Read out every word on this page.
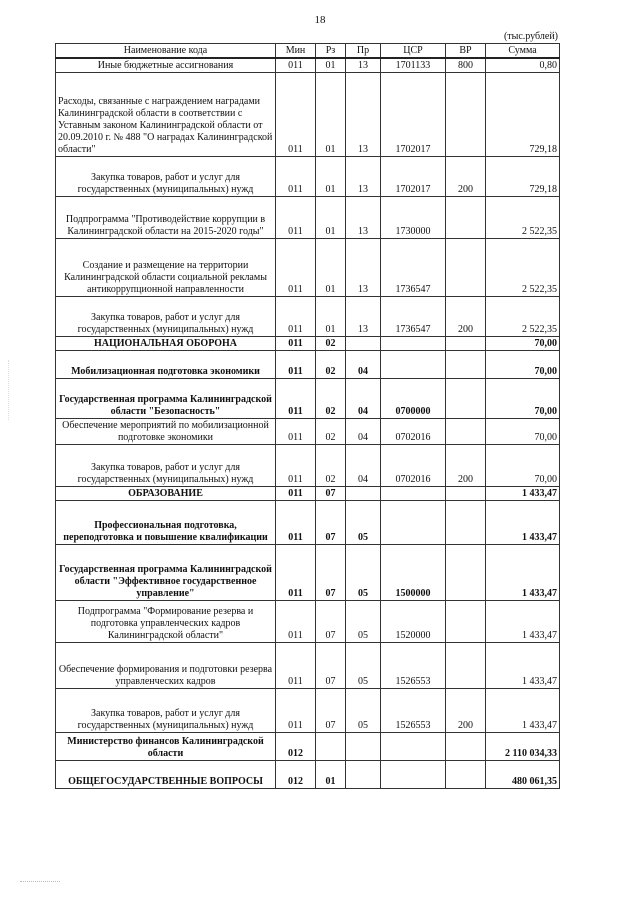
18
(тыс.рублей)
Наименование кода	Мин	Рз	Пр	ЦСР	ВР	Сумма
Иные бюджетные ассигнования	011	01	13	1701133	800	0,80
Расходы, связанные с награждением наградами Калининградской области в соответствии с Уставным законом Калининградской области от 20.09.2010 г. № 488 "О наградах Калининградской области"	011	01	13	1702017		729,18
Закупка товаров, работ и услуг для государственных (муниципальных) нужд	011	01	13	1702017	200	729,18
Подпрограмма "Противодействие коррупции в Калининградской области на 2015-2020 годы"	011	01	13	1730000		2 522,35
Создание и размещение на территории Калининградской области социальной рекламы антикоррупционной направленности	011	01	13	1736547		2 522,35
Закупка товаров, работ и услуг для государственных (муниципальных) нужд	011	01	13	1736547	200	2 522,35
НАЦИОНАЛЬНАЯ ОБОРОНА	011	02				70,00
Мобилизационная подготовка экономики	011	02	04			70,00
Государственная программа Калининградской области "Безопасность"	011	02	04	0700000		70,00
Обеспечение мероприятий по мобилизационной подготовке экономики	011	02	04	0702016		70,00
Закупка товаров, работ и услуг для государственных (муниципальных) нужд	011	02	04	0702016	200	70,00
ОБРАЗОВАНИЕ	011	07				1 433,47
Профессиональная подготовка, переподготовка и повышение квалификации	011	07	05			1 433,47
Государственная программа Калининградской области "Эффективное государственное управление"	011	07	05	1500000		1 433,47
Подпрограмма "Формирование резерва и подготовка управленческих кадров Калининградской области"	011	07	05	1520000		1 433,47
Обеспечение формирования и подготовки резерва управленческих кадров	011	07	05	1526553		1 433,47
Закупка товаров, работ и услуг для государственных (муниципальных) нужд	011	07	05	1526553	200	1 433,47
Министерство финансов Калининградской области	012					2 110 034,33
ОБЩЕГОСУДАРСТВЕННЫЕ ВОПРОСЫ	012	01				480 061,35
